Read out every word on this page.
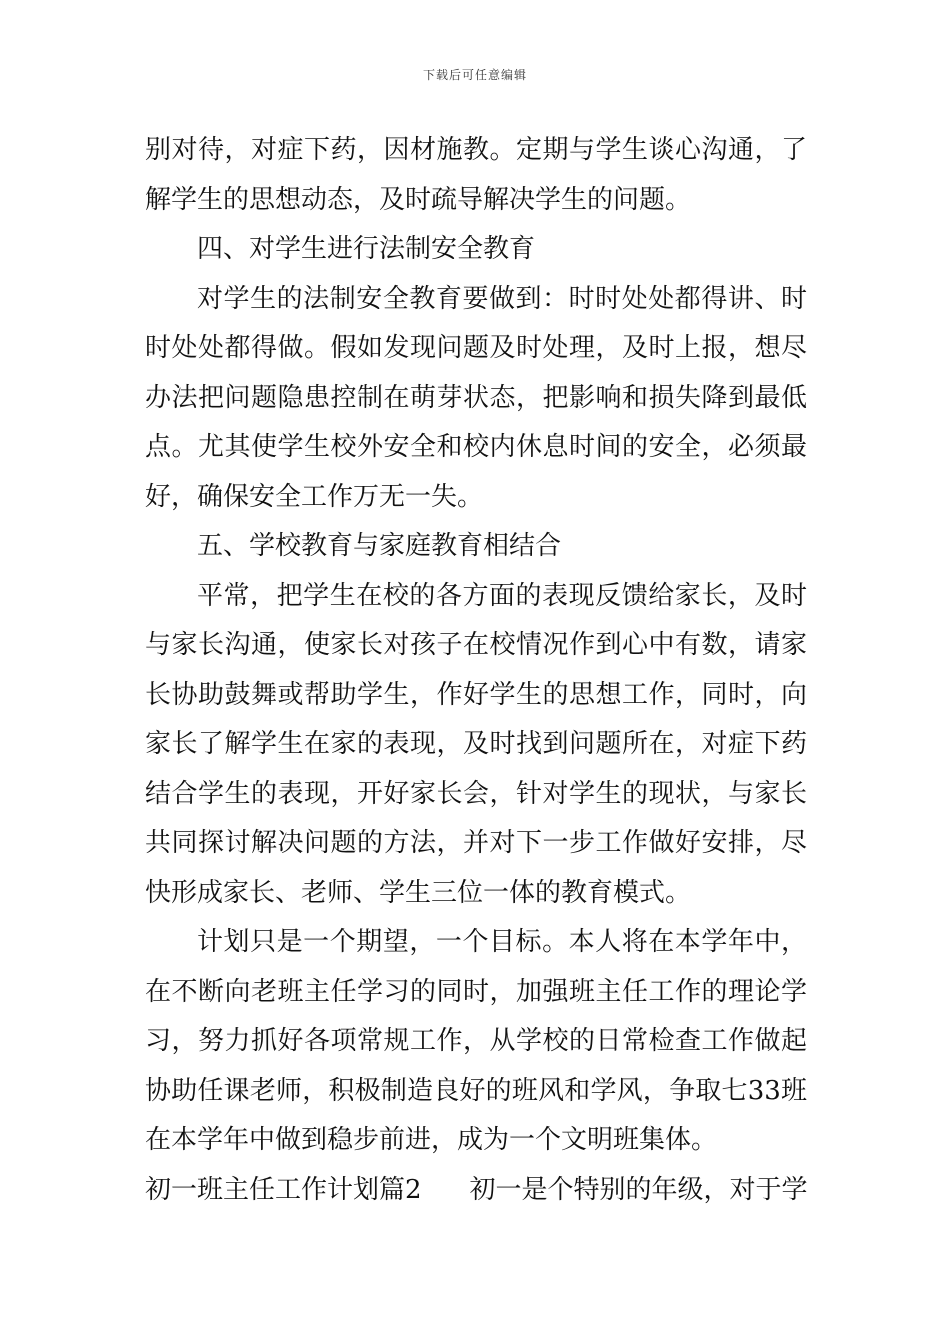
下载后可任意编辑
别对待，对症下药，因材施教。定期与学生谈心沟通，了
解学生的思想动态，及时疏导解决学生的问题。
四、对学生进行法制安全教育
对学生的法制安全教育要做到：时时处处都得讲、时
时处处都得做。假如发现问题及时处理，及时上报，想尽
办法把问题隐患控制在萌芽状态，把影响和损失降到最低
点。尤其使学生校外安全和校内休息时间的安全，必须最
好，确保安全工作万无一失。
五、学校教育与家庭教育相结合
平常，把学生在校的各方面的表现反馈给家长，及时
与家长沟通，使家长对孩子在校情况作到心中有数，请家
长协助鼓舞或帮助学生，作好学生的思想工作，同时，向
家长了解学生在家的表现，及时找到问题所在，对症下药
结合学生的表现，开好家长会，针对学生的现状，与家长
共同探讨解决问题的方法，并对下一步工作做好安排，尽
快形成家长、老师、学生三位一体的教育模式。
计划只是一个期望，一个目标。本人将在本学年中，
在不断向老班主任学习的同时，加强班主任工作的理论学
习，努力抓好各项常规工作，从学校的日常检查工作做起
协助任课老师，积极制造良好的班风和学风，争取七33班
在本学年中做到稳步前进，成为一个文明班集体。
初一班主任工作计划篇2 初一是个特别的年级，对于学
